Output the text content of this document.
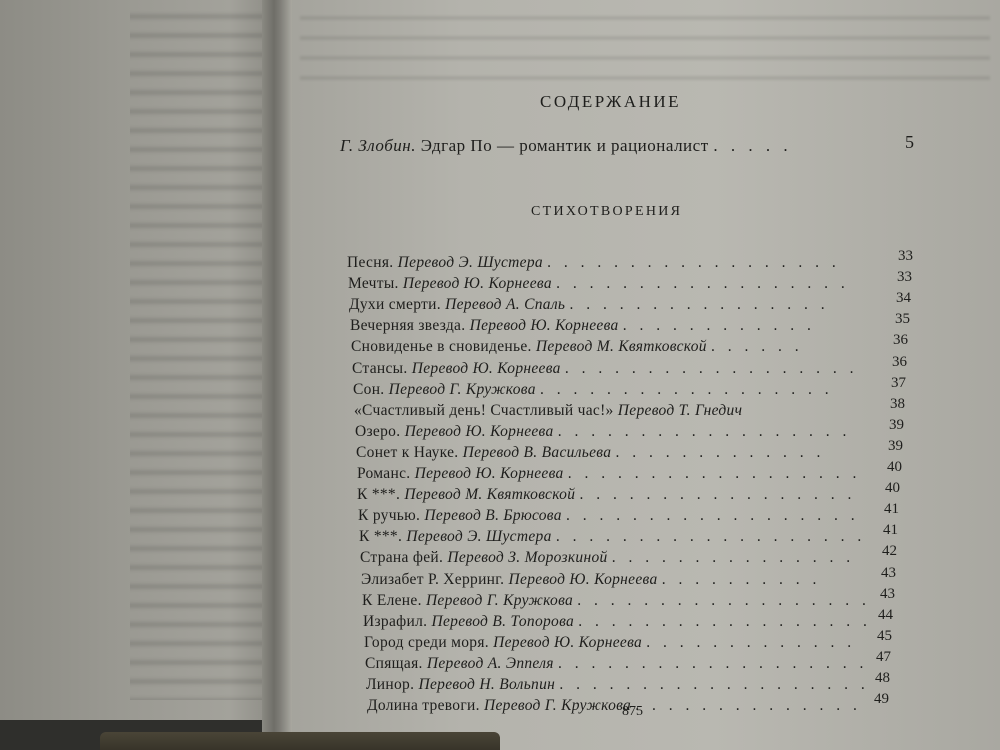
СОДЕРЖАНИЕ
Г. Злобин. Эдгар По — романтик и рационалист . . . . .	5
СТИХОТВОРЕНИЯ
Песня. Перевод Э. Шустера . . . . . . . . . . . . . . . . . .	33
Мечты. Перевод Ю. Корнеева . . . . . . . . . . . . . . . . . .	33
Духи смерти. Перевод А. Спаль . . . . . . . . . . . . . . . .	34
Вечерняя звезда. Перевод Ю. Корнеева . . . . . . . . . . . .	35
Сновиденье в сновиденье. Перевод М. Квятковской . . . . . .	36
Стансы. Перевод Ю. Корнеева . . . . . . . . . . . . . . . . . . 36
Сон. Перевод Г. Кружкова . . . . . . . . . . . . . . . . . .	37
«Счастливый день! Счастливый час!» Перевод Т. Гнедич	38
Озеро. Перевод Ю. Корнеева . . . . . . . . . . . . . . . . . .	39
Сонет к Науке. Перевод В. Васильева . . . . . . . . . . . . .	39
Романс. Перевод Ю. Корнеева . . . . . . . . . . . . . . . . . . 40
К ***. Перевод М. Квятковской . . . . . . . . . . . . . . . . . 40
К ручью. Перевод В. Брюсова . . . . . . . . . . . . . . . . . . 41
К ***. Перевод Э. Шустера . . . . . . . . . . . . . . . . . . . 41
Страна фей. Перевод З. Морозкиной . . . . . . . . . . . . . . . 42
Элизабет Р. Херринг. Перевод Ю. Корнеева . . . . . . . . . .	43
К Елене. Перевод Г. Кружкова . . . . . . . . . . . . . . . . . . 43
Израфил. Перевод В. Топорова . . . . . . . . . . . . . . . . . . 44
Город среди моря. Перевод Ю. Корнеева . . . . . . . . . . . . . 45
Спящая. Перевод А. Эппеля . . . . . . . . . . . . . . . . . . . 47
Линор. Перевод Н. Вольпин . . . . . . . . . . . . . . . . . . . 48
Долина тревоги. Перевод Г. Кружкова . . . . . . . . . . . . . . 49
875
